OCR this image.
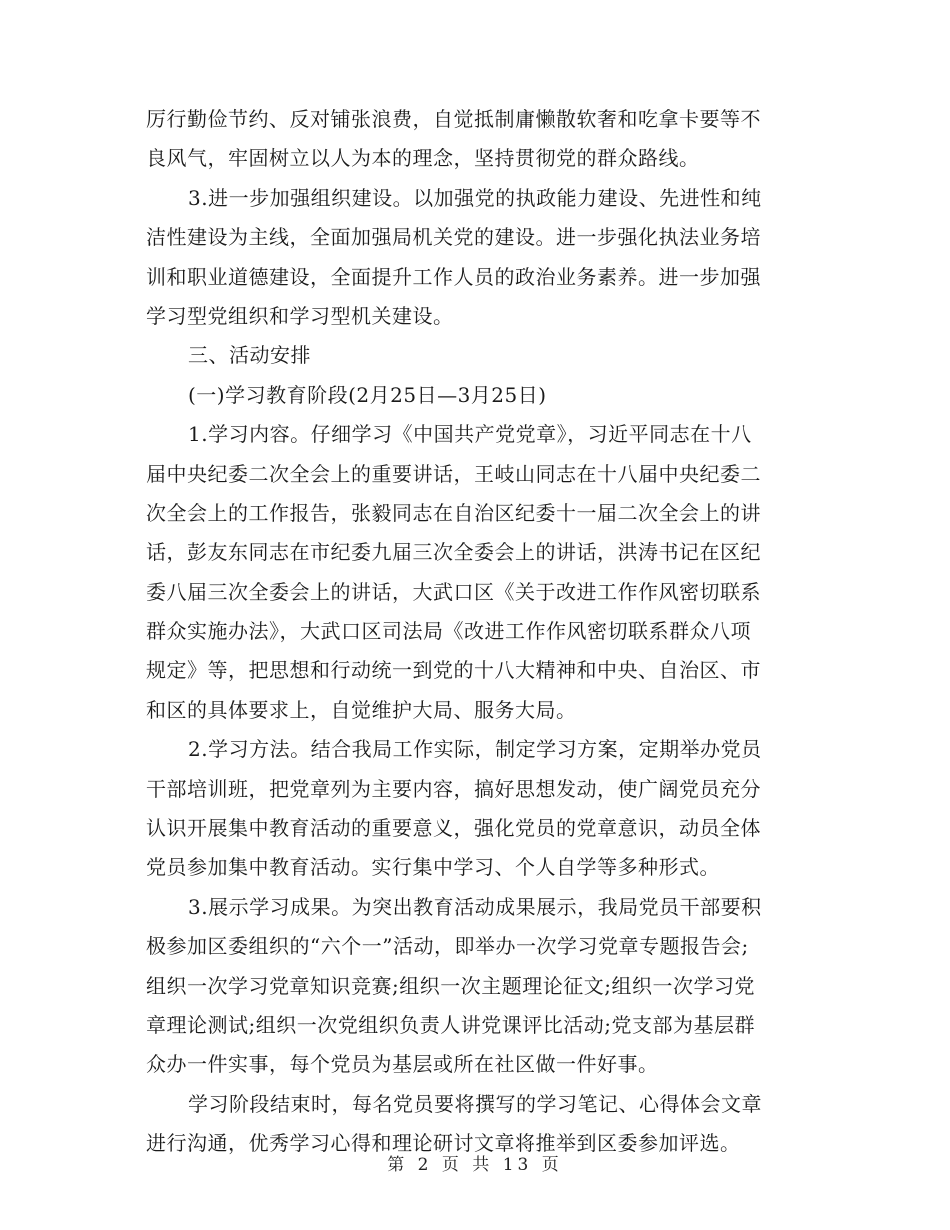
厉行勤俭节约、反对铺张浪费，自觉抵制庸懒散软奢和吃拿卡要等不
良风气，牢固树立以人为本的理念，坚持贯彻党的群众路线。
3.进一步加强组织建设。以加强党的执政能力建设、先进性和纯
洁性建设为主线，全面加强局机关党的建设。进一步强化执法业务培
训和职业道德建设，全面提升工作人员的政治业务素养。进一步加强
学习型党组织和学习型机关建设。
三、活动安排
(一)学习教育阶段(2月25日—3月25日)
1.学习内容。仔细学习《中国共产党党章》，习近平同志在十八
届中央纪委二次全会上的重要讲话，王岐山同志在十八届中央纪委二
次全会上的工作报告，张毅同志在自治区纪委十一届二次全会上的讲
话，彭友东同志在市纪委九届三次全委会上的讲话，洪涛书记在区纪
委八届三次全委会上的讲话，大武口区《关于改进工作作风密切联系
群众实施办法》，大武口区司法局《改进工作作风密切联系群众八项
规定》等，把思想和行动统一到党的十八大精神和中央、自治区、市
和区的具体要求上，自觉维护大局、服务大局。
2.学习方法。结合我局工作实际，制定学习方案，定期举办党员
干部培训班，把党章列为主要内容，搞好思想发动，使广阔党员充分
认识开展集中教育活动的重要意义，强化党员的党章意识，动员全体
党员参加集中教育活动。实行集中学习、个人自学等多种形式。
3.展示学习成果。为突出教育活动成果展示，我局党员干部要积
极参加区委组织的“六个一”活动，即举办一次学习党章专题报告会;
组织一次学习党章知识竞赛;组织一次主题理论征文;组织一次学习党
章理论测试;组织一次党组织负责人讲党课评比活动;党支部为基层群
众办一件实事，每个党员为基层或所在社区做一件好事。
学习阶段结束时，每名党员要将撰写的学习笔记、心得体会文章
进行沟通，优秀学习心得和理论研讨文章将推举到区委参加评选。
第 2 页 共 13 页
